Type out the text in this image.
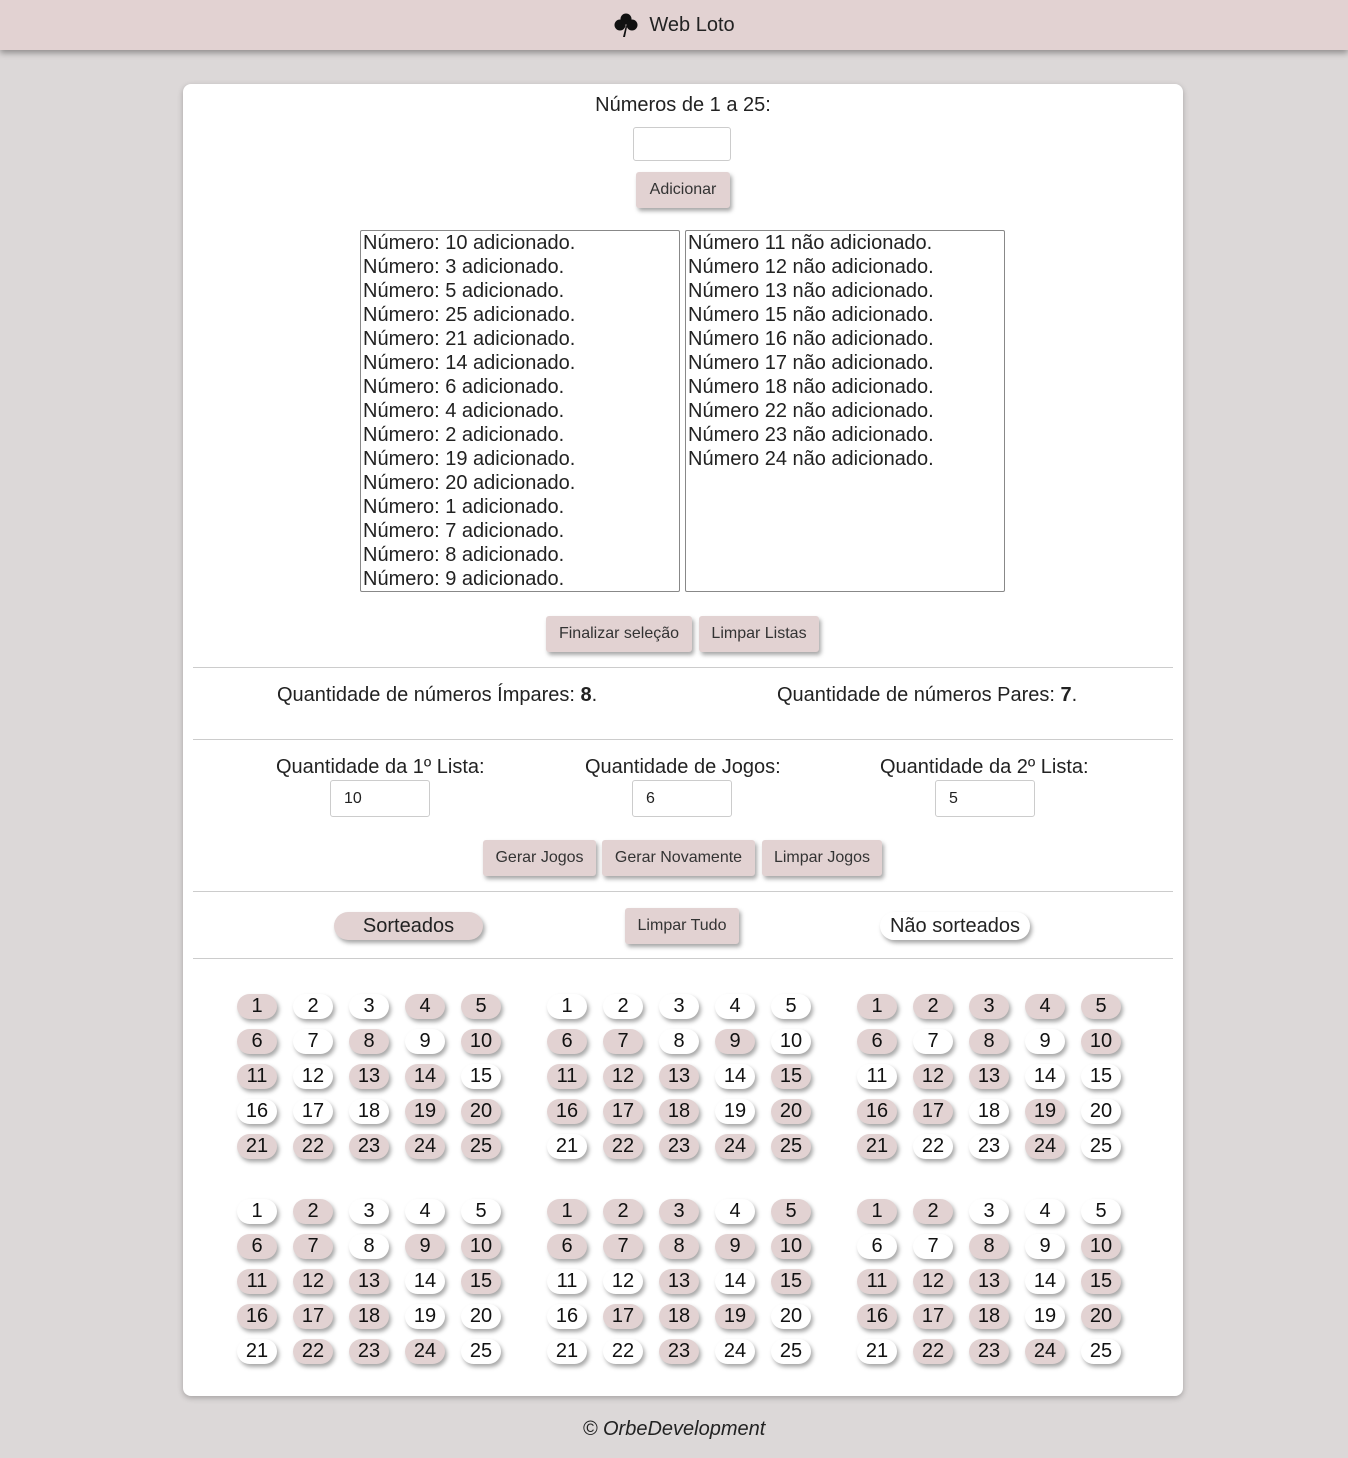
Web Loto
Números de 1 a 25:
Adicionar
Número: 10 adicionado.
Número: 3 adicionado.
Número: 5 adicionado.
Número: 25 adicionado.
Número: 21 adicionado.
Número: 14 adicionado.
Número: 6 adicionado.
Número: 4 adicionado.
Número: 2 adicionado.
Número: 19 adicionado.
Número: 20 adicionado.
Número: 1 adicionado.
Número: 7 adicionado.
Número: 8 adicionado.
Número: 9 adicionado.
Número 11 não adicionado.
Número 12 não adicionado.
Número 13 não adicionado.
Número 15 não adicionado.
Número 16 não adicionado.
Número 17 não adicionado.
Número 18 não adicionado.
Número 22 não adicionado.
Número 23 não adicionado.
Número 24 não adicionado.
Finalizar seleção	Limpar Listas
Quantidade de números Ímpares: 8.	Quantidade de números Pares: 7.
Quantidade da 1º Lista:
10
Quantidade de Jogos:
6
Quantidade da 2º Lista:
5
Gerar Jogos	Gerar Novamente	Limpar Jogos
Sorteados	Limpar Tudo	Não sorteados
1	2	3	4	5
6	7	8	9	10
11	12	13	14	15
16	17	18	19	20
21	22	23	24	25
1	2	3	4	5
6	7	8	9	10
11	12	13	14	15
16	17	18	19	20
21	22	23	24	25
1	2	3	4	5
6	7	8	9	10
11	12	13	14	15
16	17	18	19	20
21	22	23	24	25
1	2	3	4	5
6	7	8	9	10
11	12	13	14	15
16	17	18	19	20
21	22	23	24	25
1	2	3	4	5
6	7	8	9	10
11	12	13	14	15
16	17	18	19	20
21	22	23	24	25
1	2	3	4	5
6	7	8	9	10
11	12	13	14	15
16	17	18	19	20
21	22	23	24	25
© OrbeDevelopment
